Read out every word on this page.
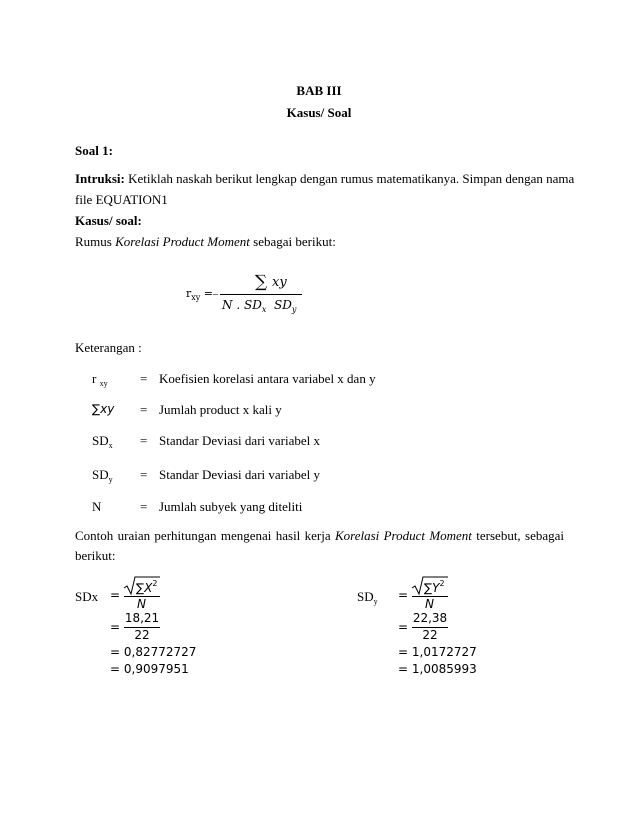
BAB III
Kasus/ Soal
Soal 1:
Intruksi: Ketiklah naskah berikut lengkap dengan rumus matematikanya. Simpan dengan nama
file EQUATION1
Kasus/ soal:
Rumus Korelasi Product Moment sebagai berikut:
$r_{xy}$ = –
∑ xy
N . $SD_x$ $SD_y$
Keterangan :
r $_{xy}$ = Koefisien korelasi antara variabel x dan y
∑xy = Jumlah product x kali y
$SD_x$ = Standar Deviasi dari variabel x
$SD_y$ = Standar Deviasi dari variabel y
N	= Jumlah subyek yang diteliti
Contoh uraian perhitungan mengenai hasil kerja Korelasi Product Moment tersebut, sebagai
berikut:
SDx = $\sum X^2$
N
=
18,21
22
= 0,82772727
= 0,9097951
$SD_y = \sum Y^2$
N
=
22,38
22
= 1,0172727
= 1,0085993
